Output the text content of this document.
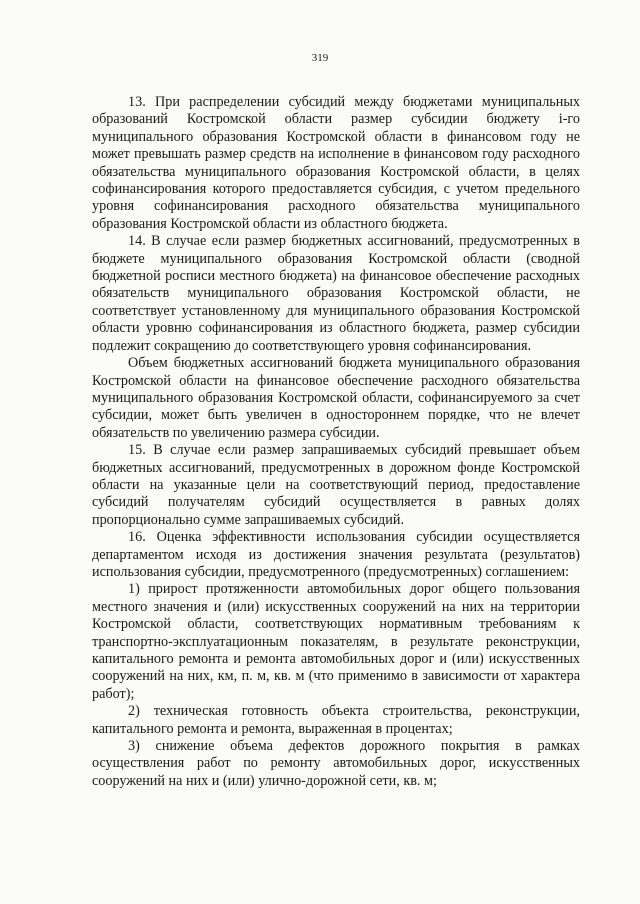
319

13. При распределении субсидий между бюджетами муниципальных образований Костромской области размер субсидии бюджету i-го муниципального образования Костромской области в финансовом году не может превышать размер средств на исполнение в финансовом году расходного обязательства муниципального образования Костромской области, в целях софинансирования которого предоставляется субсидия, с учетом предельного уровня софинансирования расходного обязательства муниципального образования Костромской области из областного бюджета.

14. В случае если размер бюджетных ассигнований, предусмотренных в бюджете муниципального образования Костромской области (сводной бюджетной росписи местного бюджета) на финансовое обеспечение расходных обязательств муниципального образования Костромской области, не соответствует установленному для муниципального образования Костромской области уровню софинансирования из областного бюджета, размер субсидии подлежит сокращению до соответствующего уровня софинансирования.

Объем бюджетных ассигнований бюджета муниципального образования Костромской области на финансовое обеспечение расходного обязательства муниципального образования Костромской области, софинансируемого за счет субсидии, может быть увеличен в одностороннем порядке, что не влечет обязательств по увеличению размера субсидии.

15. В случае если размер запрашиваемых субсидий превышает объем бюджетных ассигнований, предусмотренных в дорожном фонде Костромской области на указанные цели на соответствующий период, предоставление субсидий получателям субсидий осуществляется в равных долях пропорционально сумме запрашиваемых субсидий.

16. Оценка эффективности использования субсидии осуществляется департаментом исходя из достижения значения результата (результатов) использования субсидии, предусмотренного (предусмотренных) соглашением:

1) прирост протяженности автомобильных дорог общего пользования местного значения и (или) искусственных сооружений на них на территории Костромской области, соответствующих нормативным требованиям к транспортно-эксплуатационным показателям, в результате реконструкции, капитального ремонта и ремонта автомобильных дорог и (или) искусственных сооружений на них, км, п. м, кв. м (что применимо в зависимости от характера работ);

2) техническая готовность объекта строительства, реконструкции, капитального ремонта и ремонта, выраженная в процентах;

3) снижение объема дефектов дорожного покрытия в рамках осуществления работ по ремонту автомобильных дорог, искусственных сооружений на них и (или) улично-дорожной сети, кв. м;
